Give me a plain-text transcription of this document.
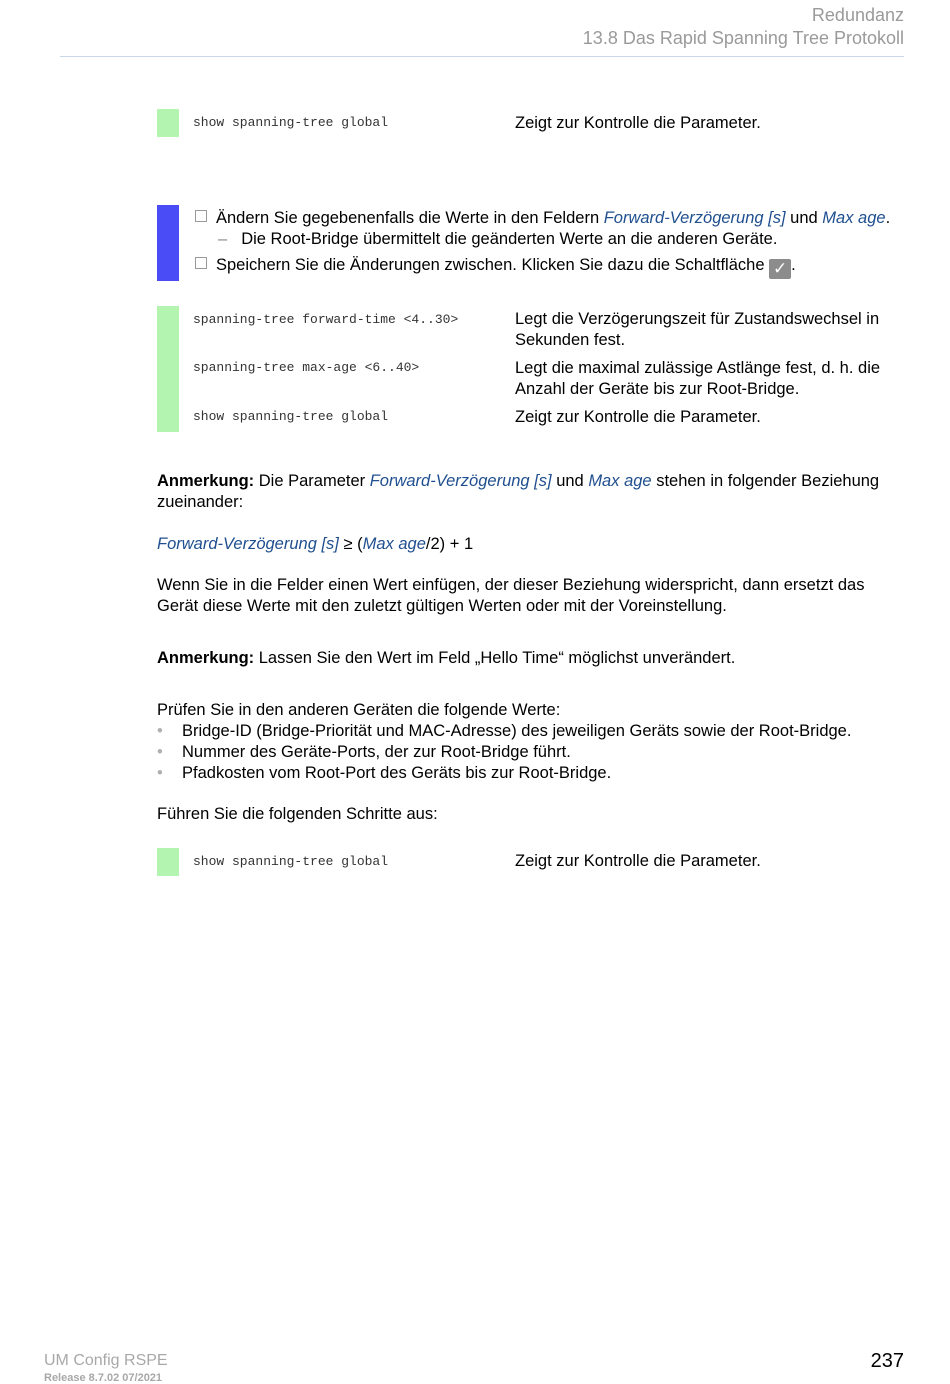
Redundanz
13.8 Das Rapid Spanning Tree Protokoll
show spanning-tree global	Zeigt zur Kontrolle die Parameter.
Ändern Sie gegebenenfalls die Werte in den Feldern Forward-Verzögerung [s] und Max age.
– Die Root-Bridge übermittelt die geänderten Werte an die anderen Geräte.
Speichern Sie die Änderungen zwischen. Klicken Sie dazu die Schaltfläche ✓ .
spanning-tree forward-time <4..30>	Legt die Verzögerungszeit für Zustandswechsel in Sekunden fest.
spanning-tree max-age <6..40>	Legt die maximal zulässige Astlänge fest, d. h. die Anzahl der Geräte bis zur Root-Bridge.
show spanning-tree global	Zeigt zur Kontrolle die Parameter.
Anmerkung: Die Parameter Forward-Verzögerung [s] und Max age stehen in folgender Beziehung zueinander:
Forward-Verzögerung [s] ≥ (Max age/2) + 1

Wenn Sie in die Felder einen Wert einfügen, der dieser Beziehung widerspricht, dann ersetzt das Gerät diese Werte mit den zuletzt gültigen Werten oder mit der Voreinstellung.

Anmerkung: Lassen Sie den Wert im Feld „Hello Time“ möglichst unverändert.

Prüfen Sie in den anderen Geräten die folgende Werte:

• Bridge-ID (Bridge-Priorität und MAC-Adresse) des jeweiligen Geräts sowie der Root-Bridge.
• Nummer des Geräte-Ports, der zur Root-Bridge führt.
• Pfadkosten vom Root-Port des Geräts bis zur Root-Bridge.

Führen Sie die folgenden Schritte aus:

show spanning-tree global	Zeigt zur Kontrolle die Parameter.
UM Config RSPE
Release 8.7.02 07/2021
237
